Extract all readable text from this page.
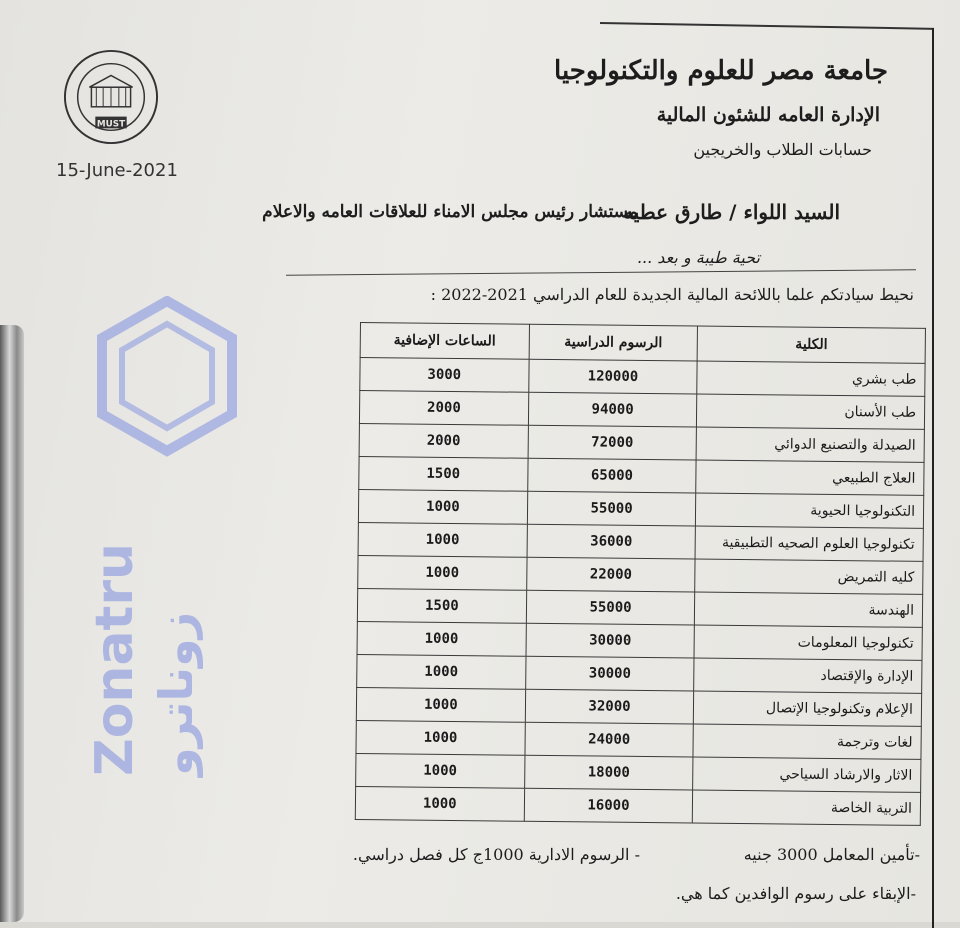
MUST
15-June-2021
جامعة مصر للعلوم والتكنولوجيا
الإدارة العامه للشئون المالية
حسابات الطلاب والخريجين
السيد اللواء / طارق عطيه
مستشار رئيس مجلس الامناء للعلاقات العامه والاعلام
تحية طيبة و بعد ...
نحيط سيادتكم علما باللائحة المالية الجديدة للعام الدراسي 2021-2022 :
الكلية	الرسوم الدراسية	الساعات الإضافية
طب بشري	120000	3000
طب الأسنان	94000	2000
الصيدلة والتصنيع الدوائي	72000	2000
العلاج الطبيعي	65000	1500
التكنولوجيا الحيوية	55000	1000
تكنولوجيا العلوم الصحيه التطبيقية	36000	1000
كليه التمريض	22000	1000
الهندسة	55000	1500
تكنولوجيا المعلومات	30000	1000
الإدارة والإقتصاد	30000	1000
الإعلام وتكنولوجيا الإتصال	32000	1000
لغات وترجمة	24000	1000
الاثار والارشاد السياحي	18000	1000
التربية الخاصة	16000	1000
-تأمين المعامل 3000 جنيه
- الرسوم الادارية 1000ج كل فصل دراسي.
-الإبقاء على رسوم الوافدين كما هي.
Zonatru زوناترو
